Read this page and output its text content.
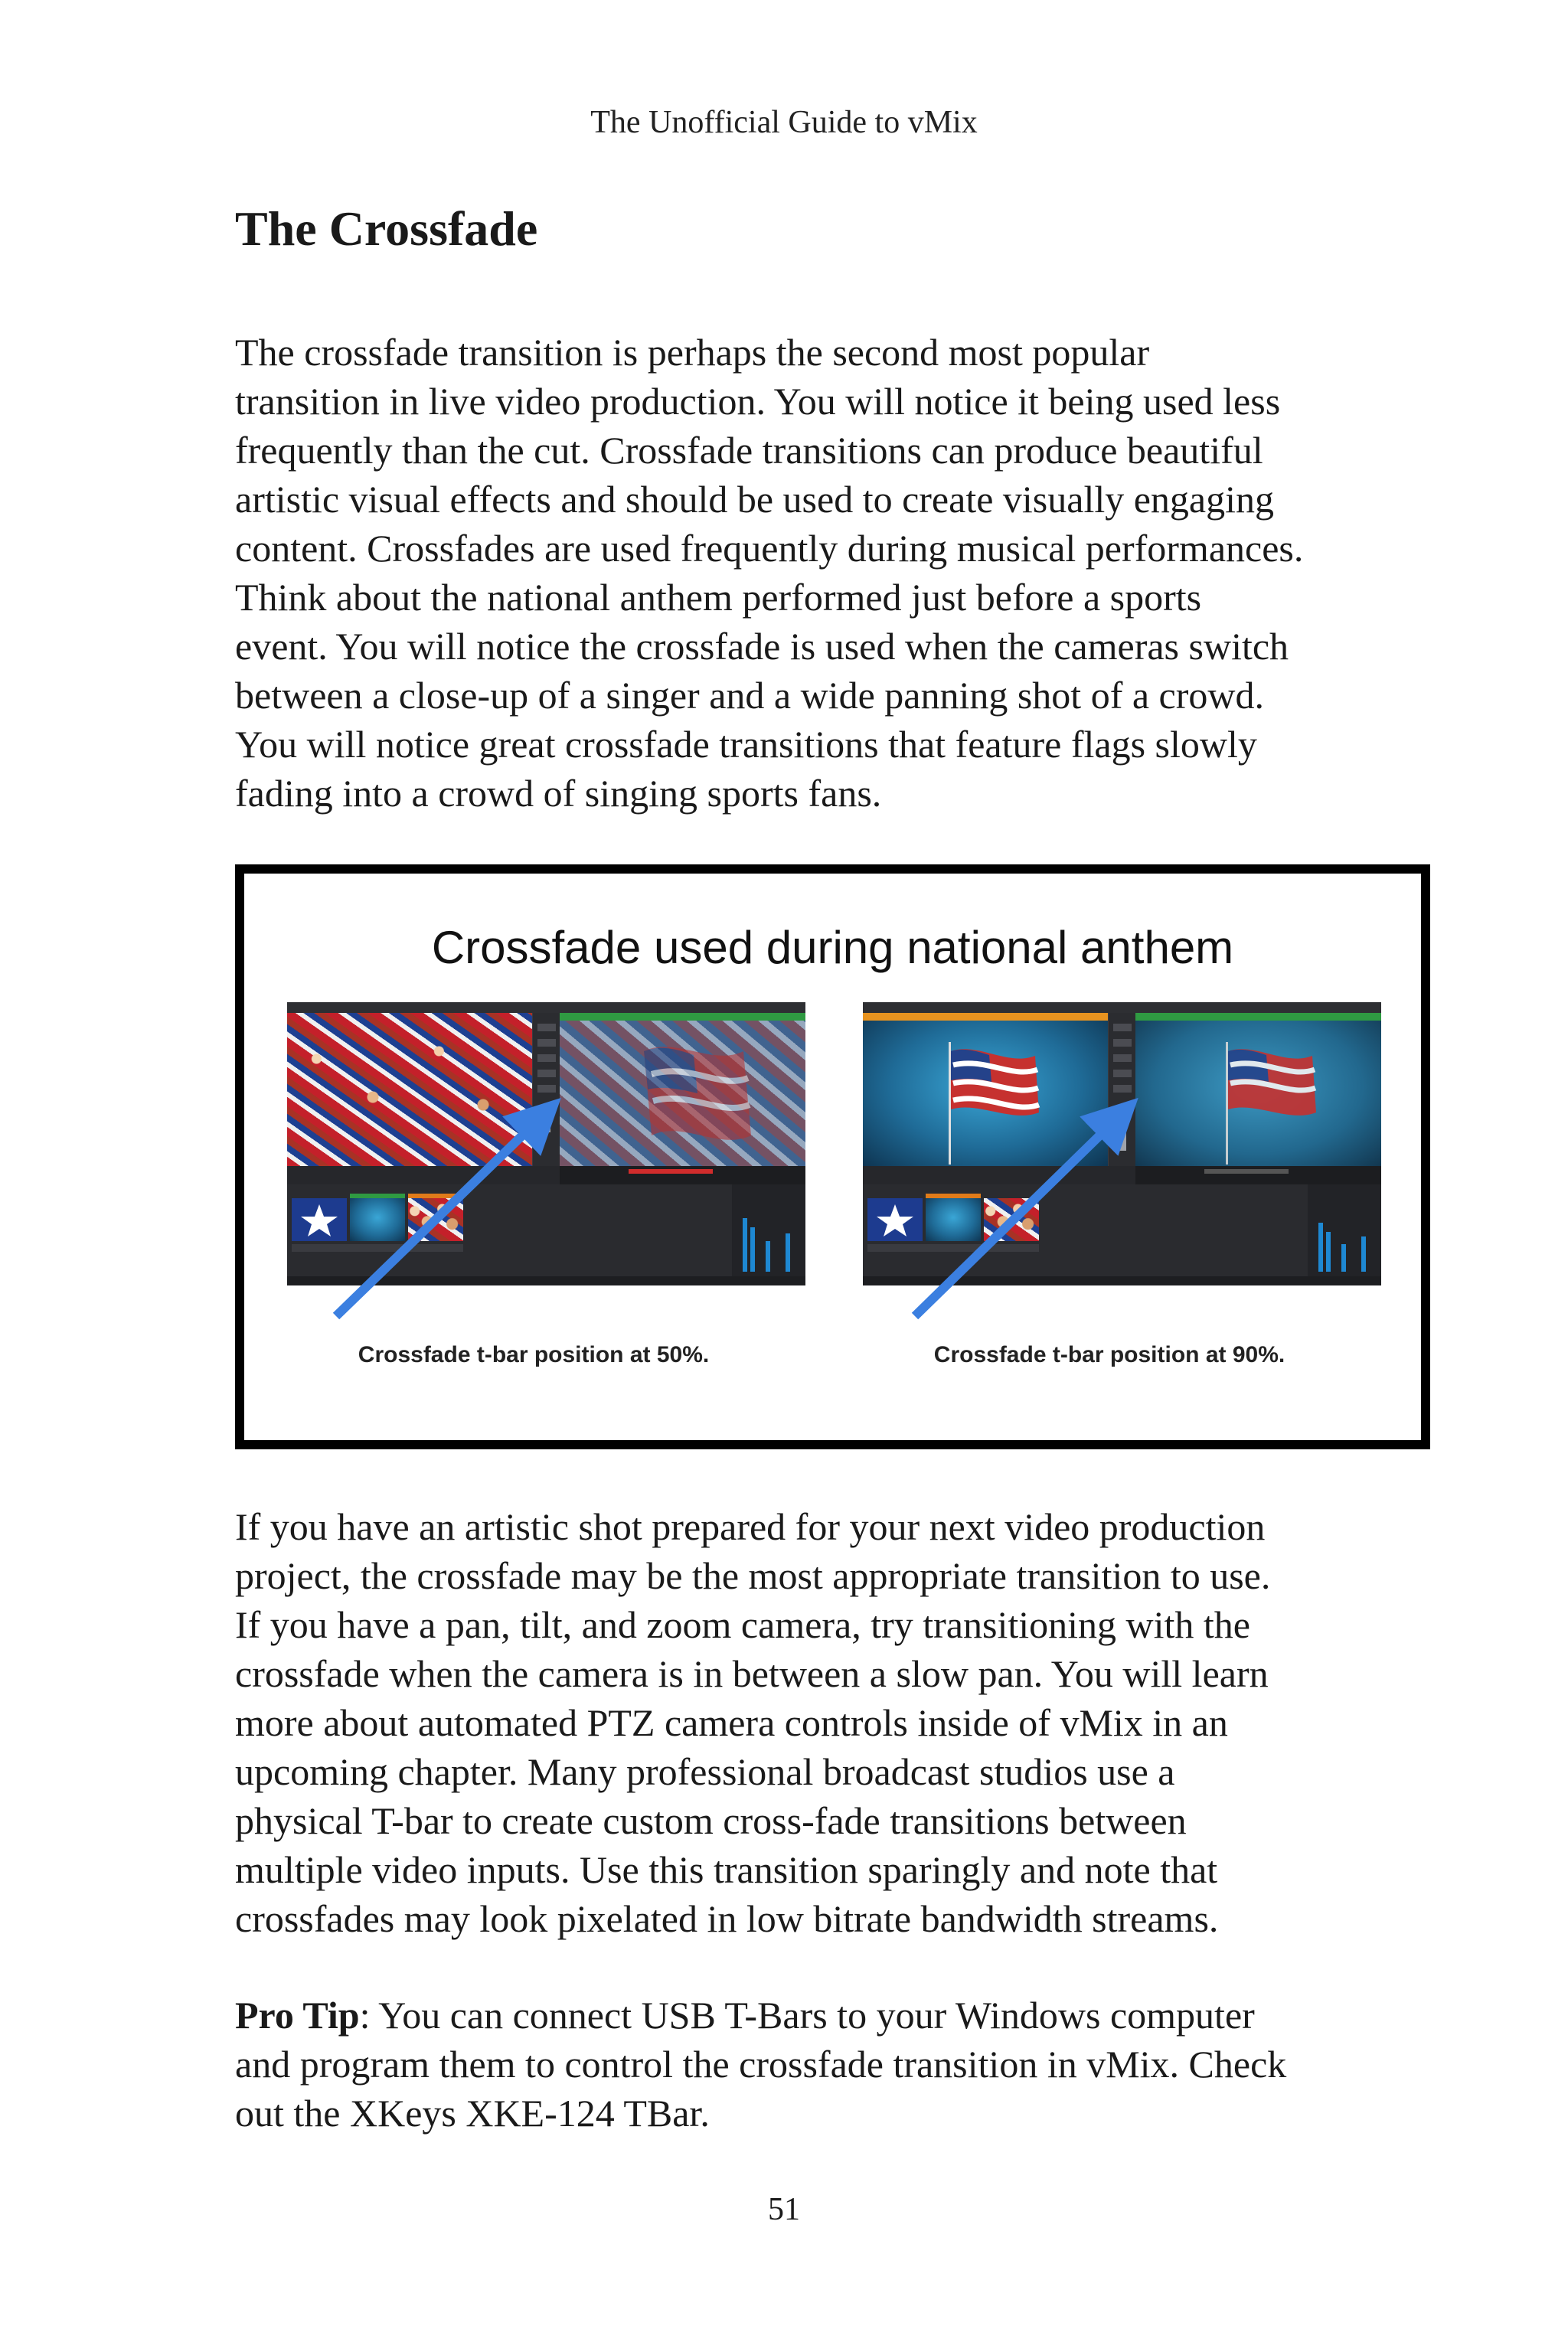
The Unofficial Guide to vMix
The Crossfade

The crossfade transition is perhaps the second most popular
transition in live video production. You will notice it being used less
frequently than the cut. Crossfade transitions can produce beautiful
artistic visual effects and should be used to create visually engaging
content. Crossfades are used frequently during musical performances.
Think about the national anthem performed just before a sports
event. You will notice the crossfade is used when the cameras switch
between a close-up of a singer and a wide panning shot of a crowd.
You will notice great crossfade transitions that feature flags slowly
fading into a crowd of singing sports fans.

Crossfade used during national anthem
Crossfade t-bar position at 50%.	Crossfade t-bar position at 90%.

If you have an artistic shot prepared for your next video production
project, the crossfade may be the most appropriate transition to use.
If you have a pan, tilt, and zoom camera, try transitioning with the
crossfade when the camera is in between a slow pan. You will learn
more about automated PTZ camera controls inside of vMix in an
upcoming chapter. Many professional broadcast studios use a
physical T-bar to create custom cross-fade transitions between
multiple video inputs. Use this transition sparingly and note that
crossfades may look pixelated in low bitrate bandwidth streams.

Pro Tip: You can connect USB T-Bars to your Windows computer
and program them to control the crossfade transition in vMix. Check
out the XKeys XKE-124 TBar.

51
